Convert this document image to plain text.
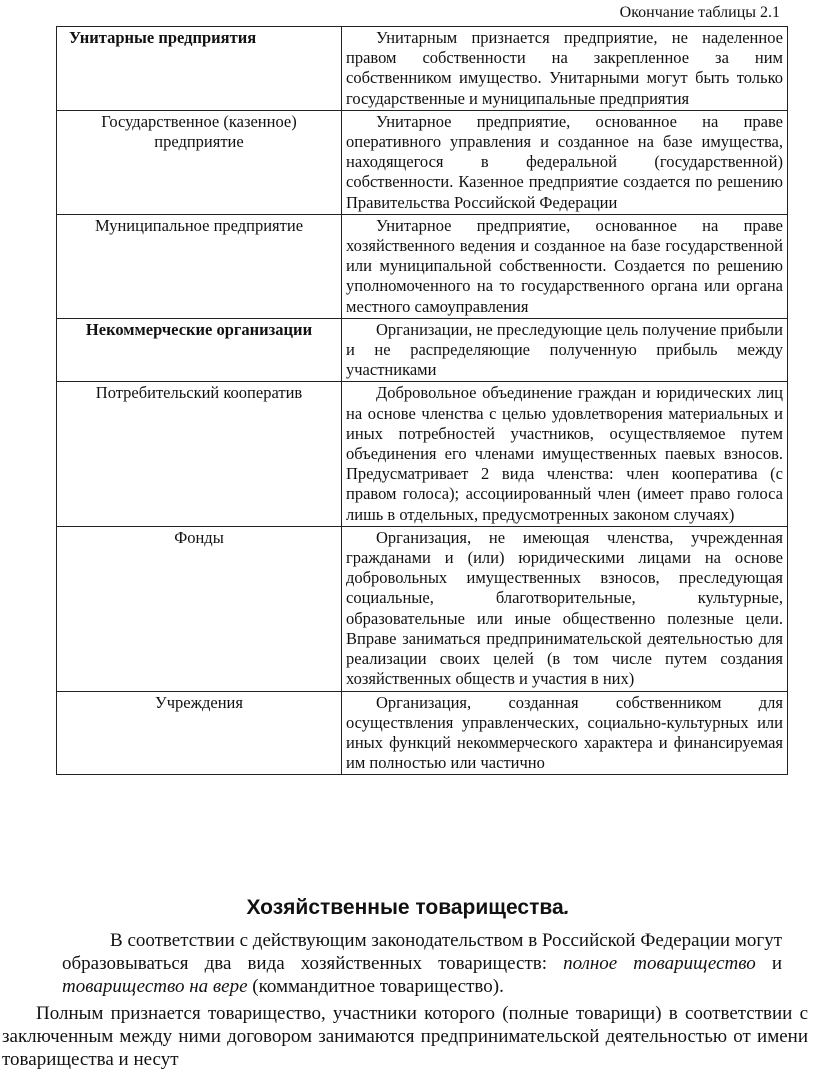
Окончание таблицы 2.1
Унитарные предприятия	Унитарным признается предприятие, не наделенное правом собственности на закрепленное за ним собственником имущество. Унитарными могут быть только государственные и муниципальные предприятия
Государственное (казенное) предприятие	Унитарное предприятие, основанное на праве оперативного управления и созданное на базе имущества, находящегося в федеральной (государственной) собственности. Казенное предприятие создается по решению Правительства Российской Федерации
Муниципальное предприятие	Унитарное предприятие, основанное на праве хозяйственного ведения и созданное на базе государственной или муниципальной собственности. Создается по решению уполномоченного на то государственного органа или органа местного самоуправления
Некоммерческие организации	Организации, не преследующие цель получение прибыли и не распределяющие полученную прибыль между участниками
Потребительский кооператив	Добровольное объединение граждан и юридических лиц на основе членства с целью удовлетворения материальных и иных потребностей участников, осуществляемое путем объединения его членами имущественных паевых взносов. Предусматривает 2 вида членства: член кооператива (с правом голоса); ассоциированный член (имеет право голоса лишь в отдельных, предусмотренных законом случаях)
Фонды	Организация, не имеющая членства, учрежденная гражданами и (или) юридическими лицами на основе добровольных имущественных взносов, преследующая социальные, благотворительные, культурные, образовательные или иные общественно полезные цели. Вправе заниматься предпринимательской деятельностью для реализации своих целей (в том числе путем создания хозяйственных обществ и участия в них)
Учреждения	Организация, созданная собственником для осуществления управленческих, социально-культурных или иных функций некоммерческого характера и финансируемая им полностью или частично
Хозяйственные товарищества.
В соответствии с действующим законодательством в Российской Федерации могут образовываться два вида хозяйственных товариществ: полное товарищество и товарищество на вере (коммандитное товарищество).
Полным признается товарищество, участники которого (полные товарищи) в соответствии с заключенным между ними договором занимаются предпринимательской деятельностью от имени товарищества и несут
